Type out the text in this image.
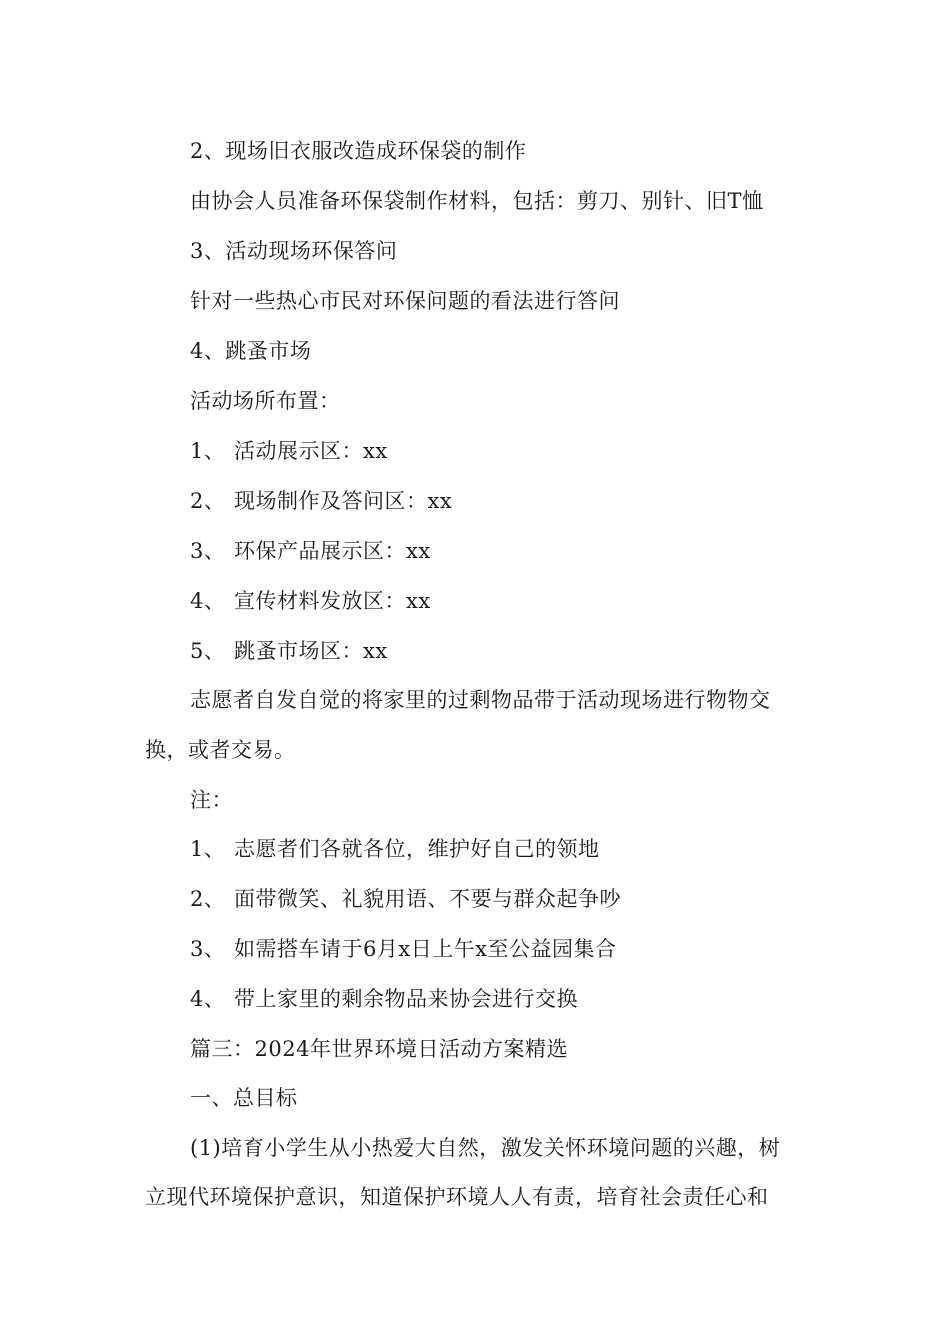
2、现场旧衣服改造成环保袋的制作
由协会人员准备环保袋制作材料，包括：剪刀、别针、旧T恤
3、活动现场环保答问
针对一些热心市民对环保问题的看法进行答问
4、跳蚤市场
活动场所布置：
1、 活动展示区：xx
2、 现场制作及答问区：xx
3、 环保产品展示区：xx
4、 宣传材料发放区：xx
5、 跳蚤市场区：xx
志愿者自发自觉的将家里的过剩物品带于活动现场进行物物交
换，或者交易。
注：
1、 志愿者们各就各位，维护好自己的领地
2、 面带微笑、礼貌用语、不要与群众起争吵
3、 如需搭车请于6月x日上午x至公益园集合
4、 带上家里的剩余物品来协会进行交换
篇三：2024年世界环境日活动方案精选
一、总目标
(1)培育小学生从小热爱大自然，激发关怀环境问题的兴趣，树
立现代环境保护意识，知道保护环境人人有责，培育社会责任心和
